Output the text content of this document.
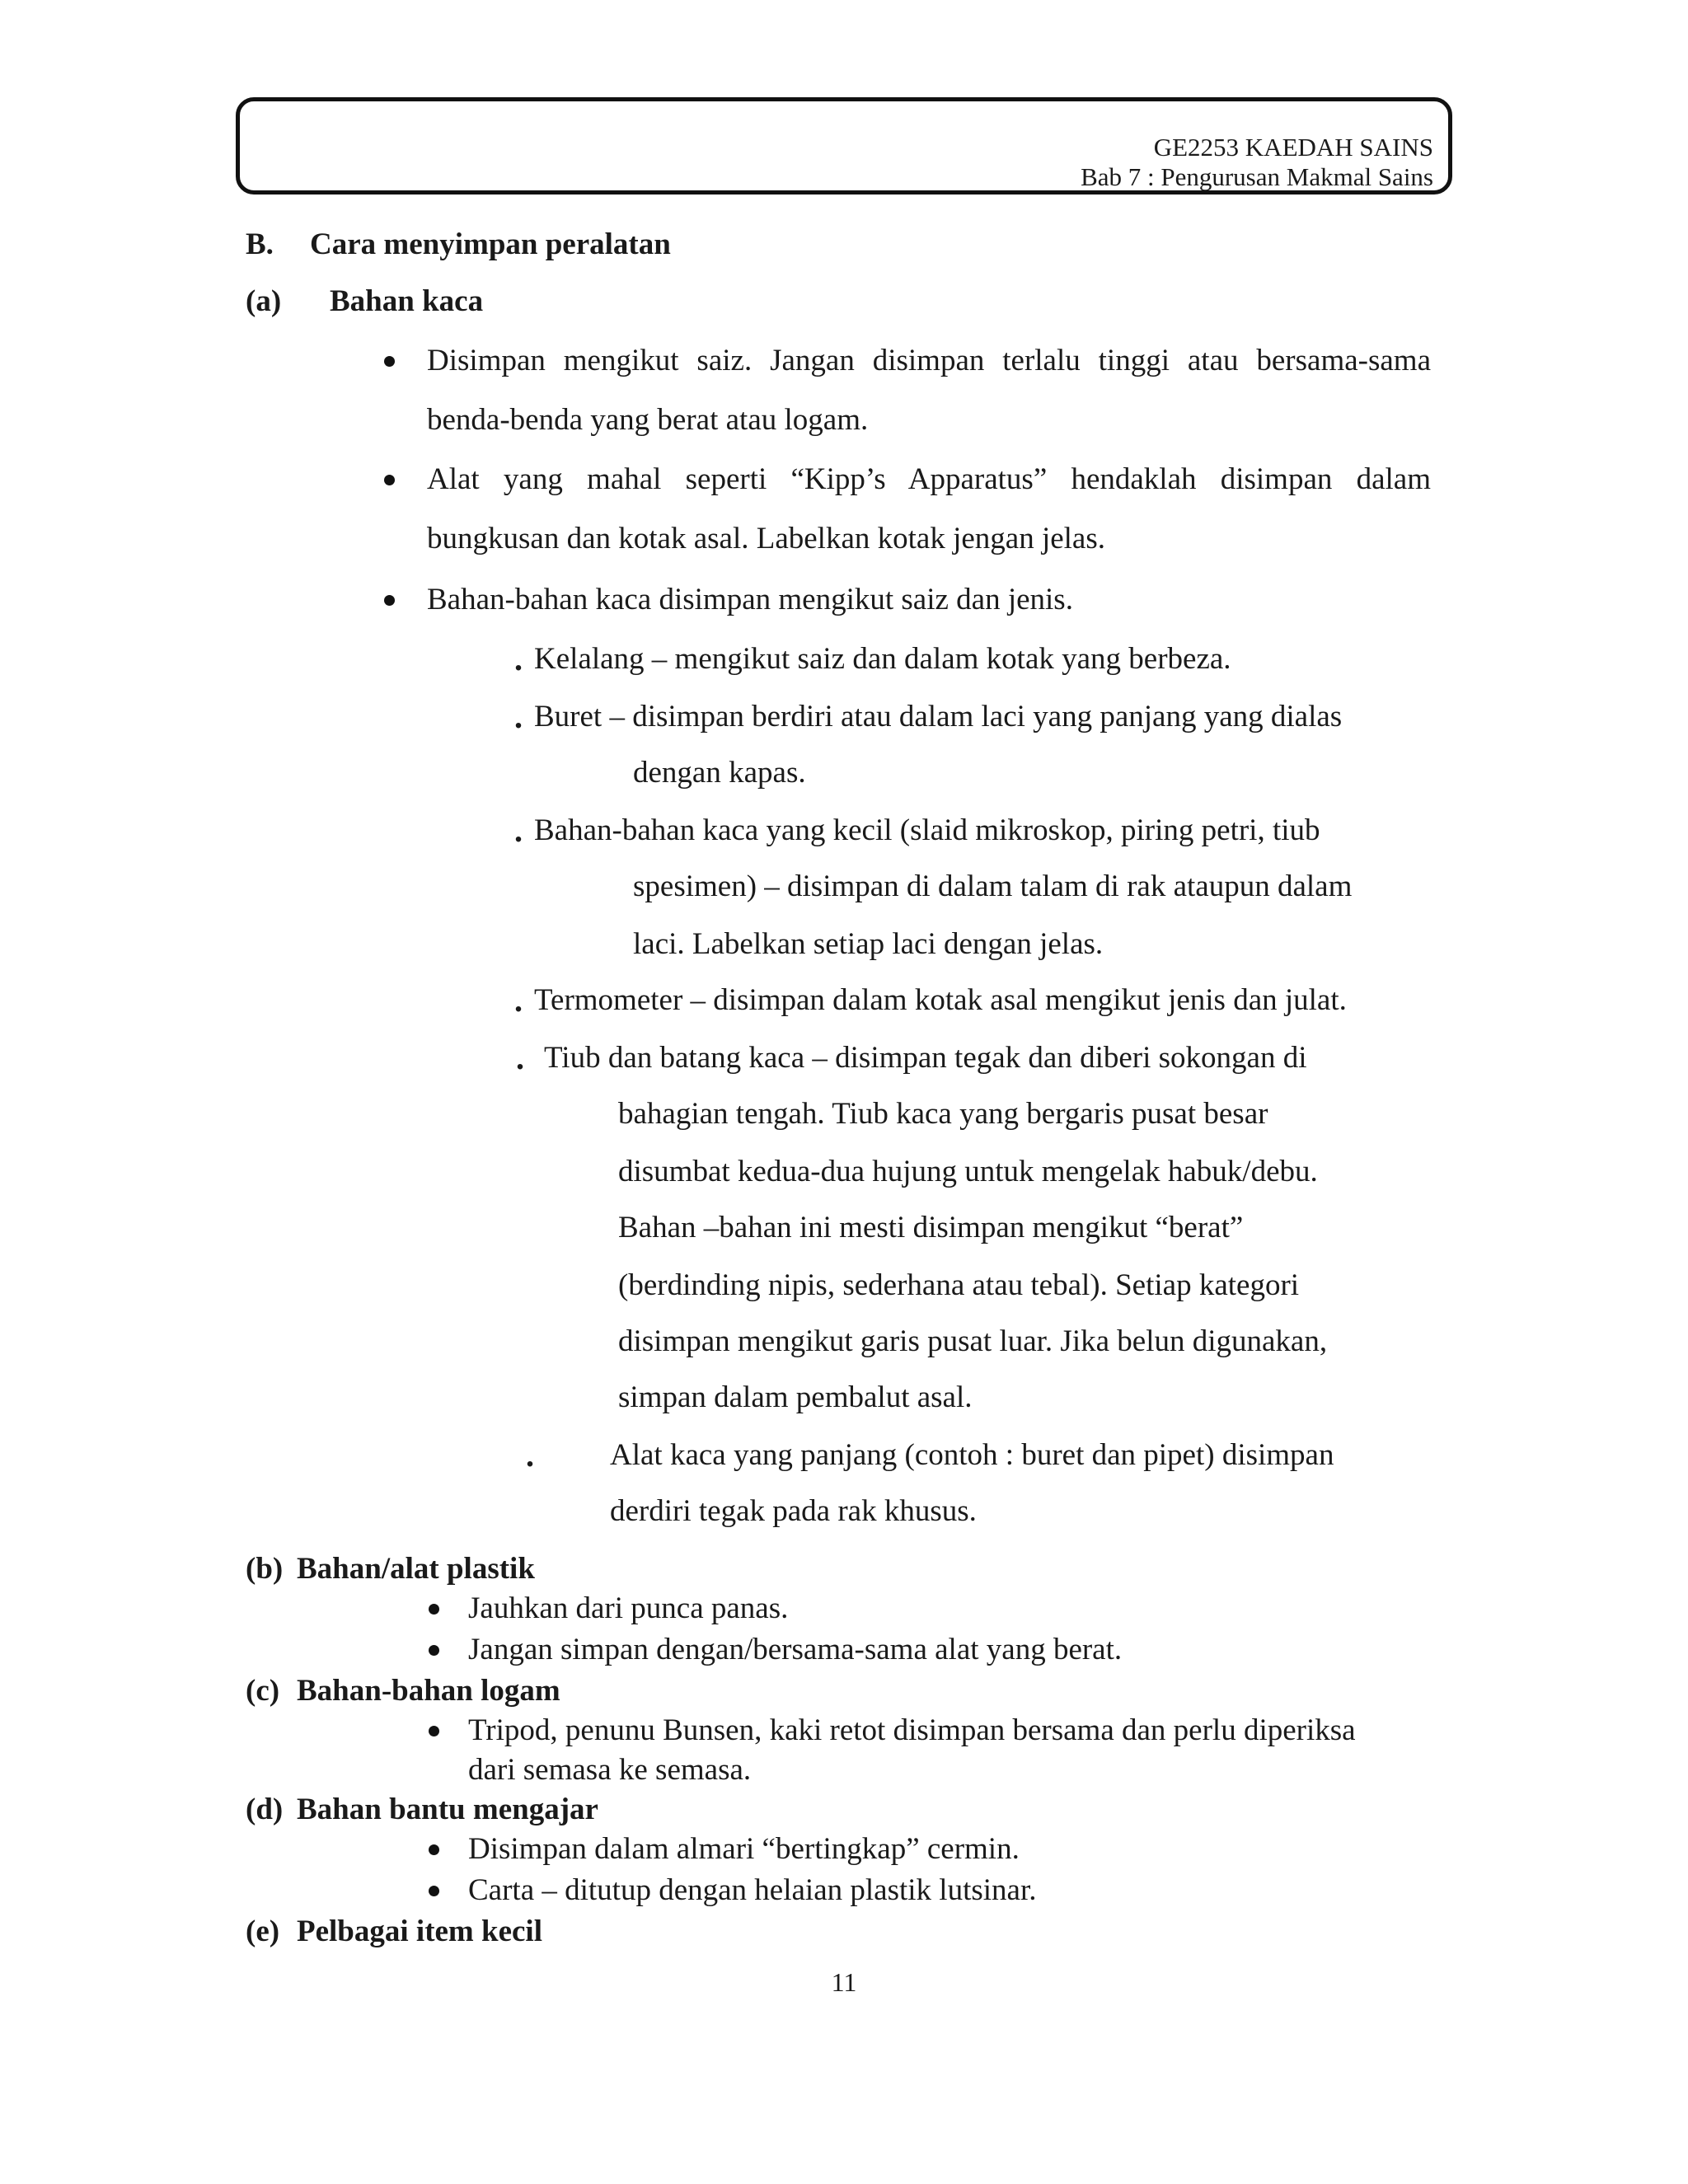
GE2253 KAEDAH SAINS
Bab 7 : Pengurusan Makmal Sains
B. Cara menyimpan peralatan
(a) Bahan kaca
Disimpan mengikut saiz. Jangan disimpan terlalu tinggi atau bersama-sama
benda-benda yang berat atau logam.
Alat yang mahal seperti “Kipp’s Apparatus” hendaklah disimpan dalam
bungkusan dan kotak asal. Labelkan kotak jengan jelas.
Bahan-bahan kaca disimpan mengikut saiz dan jenis.
. Kelalang – mengikut saiz dan dalam kotak yang berbeza.
. Buret – disimpan berdiri atau dalam laci yang panjang yang dialas
dengan kapas.
. Bahan-bahan kaca yang kecil (slaid mikroskop, piring petri, tiub
spesimen) – disimpan di dalam talam di rak ataupun dalam
laci. Labelkan setiap laci dengan jelas.
. Termometer – disimpan dalam kotak asal mengikut jenis dan julat.
. Tiub dan batang kaca – disimpan tegak dan diberi sokongan di
bahagian tengah. Tiub kaca yang bergaris pusat besar
disumbat kedua-dua hujung untuk mengelak habuk/debu.
Bahan –bahan ini mesti disimpan mengikut “berat”
(berdinding nipis, sederhana atau tebal). Setiap kategori
disimpan mengikut garis pusat luar. Jika belun digunakan,
simpan dalam pembalut asal.
. Alat kaca yang panjang (contoh : buret dan pipet) disimpan
derdiri tegak pada rak khusus.
(b) Bahan/alat plastik
Jauhkan dari punca panas.
Jangan simpan dengan/bersama-sama alat yang berat.
(c) Bahan-bahan logam
Tripod, penunu Bunsen, kaki retot disimpan bersama dan perlu diperiksa
dari semasa ke semasa.
(d) Bahan bantu mengajar
Disimpan dalam almari “bertingkap” cermin.
Carta – ditutup dengan helaian plastik lutsinar.
(e) Pelbagai item kecil
11
